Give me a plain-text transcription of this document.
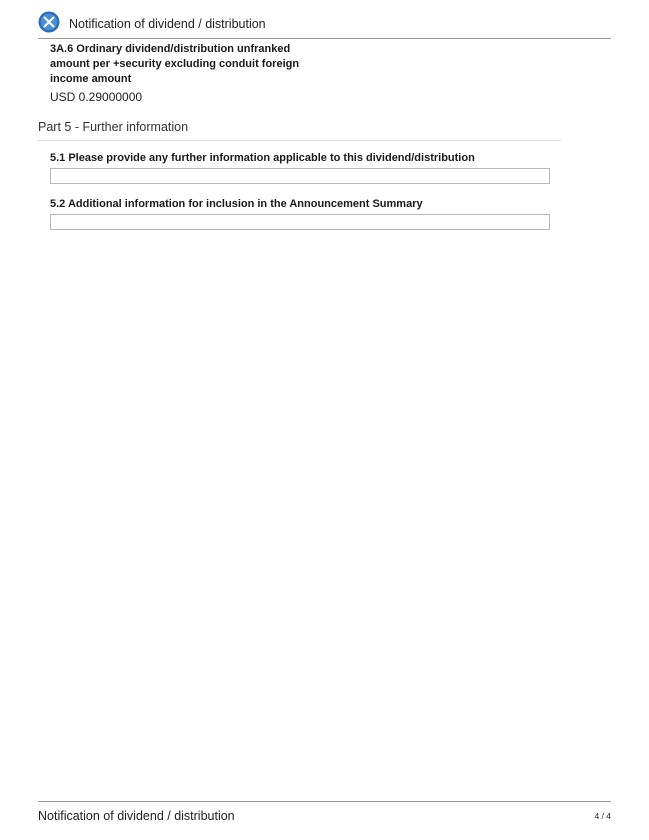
Notification of dividend / distribution
3A.6 Ordinary dividend/distribution unfranked amount per +security excluding conduit foreign income amount
USD 0.29000000
Part 5 - Further information
5.1 Please provide any further information applicable to this dividend/distribution
5.2 Additional information for inclusion in the Announcement Summary
Notification of dividend / distribution	4 / 4
